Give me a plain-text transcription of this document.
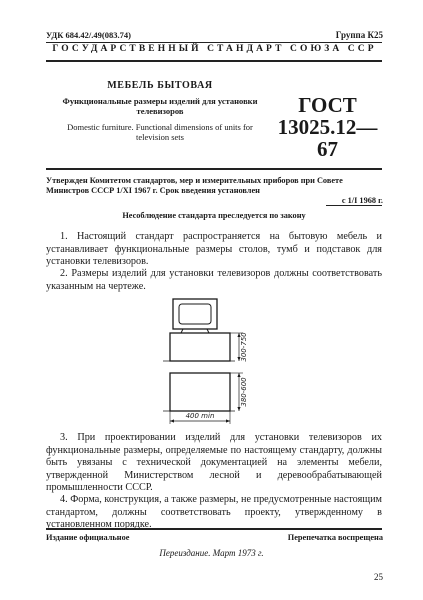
УДК 684.42/.49(083.74)	Группа К25
ГОСУДАРСТВЕННЫЙ СТАНДАРТ СОЮЗА ССР
МЕБЕЛЬ БЫТОВАЯ
Функциональные размеры изделий для установки телевизоров
Domestic furniture. Functional dimensions of units for television sets
ГОСТ
13025.12—67
Утвержден Комитетом стандартов, мер и измерительных приборов при Совете Министров СССР 1/XI 1967 г. Срок введения установлен
с 1/I 1968 г.
Несоблюдение стандарта преследуется по закону
1. Настоящий стандарт распространяется на бытовую мебель и устанавливает функциональные размеры столов, тумб и подставок для установки телевизоров.
2. Размеры изделий для установки телевизоров должны соответствовать указанным на чертеже.
300-750
380-600
400 min
3. При проектировании изделий для установки телевизоров их функциональные размеры, определяемые по настоящему стандарту, должны быть увязаны с технической документацией на элементы мебели, утвержденной Министерством лесной и деревообрабатывающей промышленности СССР.
4. Форма, конструкция, а также размеры, не предусмотренные настоящим стандартом, должны соответствовать проекту, утвержденному в установленном порядке.
Издание официальное	Перепечатка воспрещена
Переиздание. Март 1973 г.
25
